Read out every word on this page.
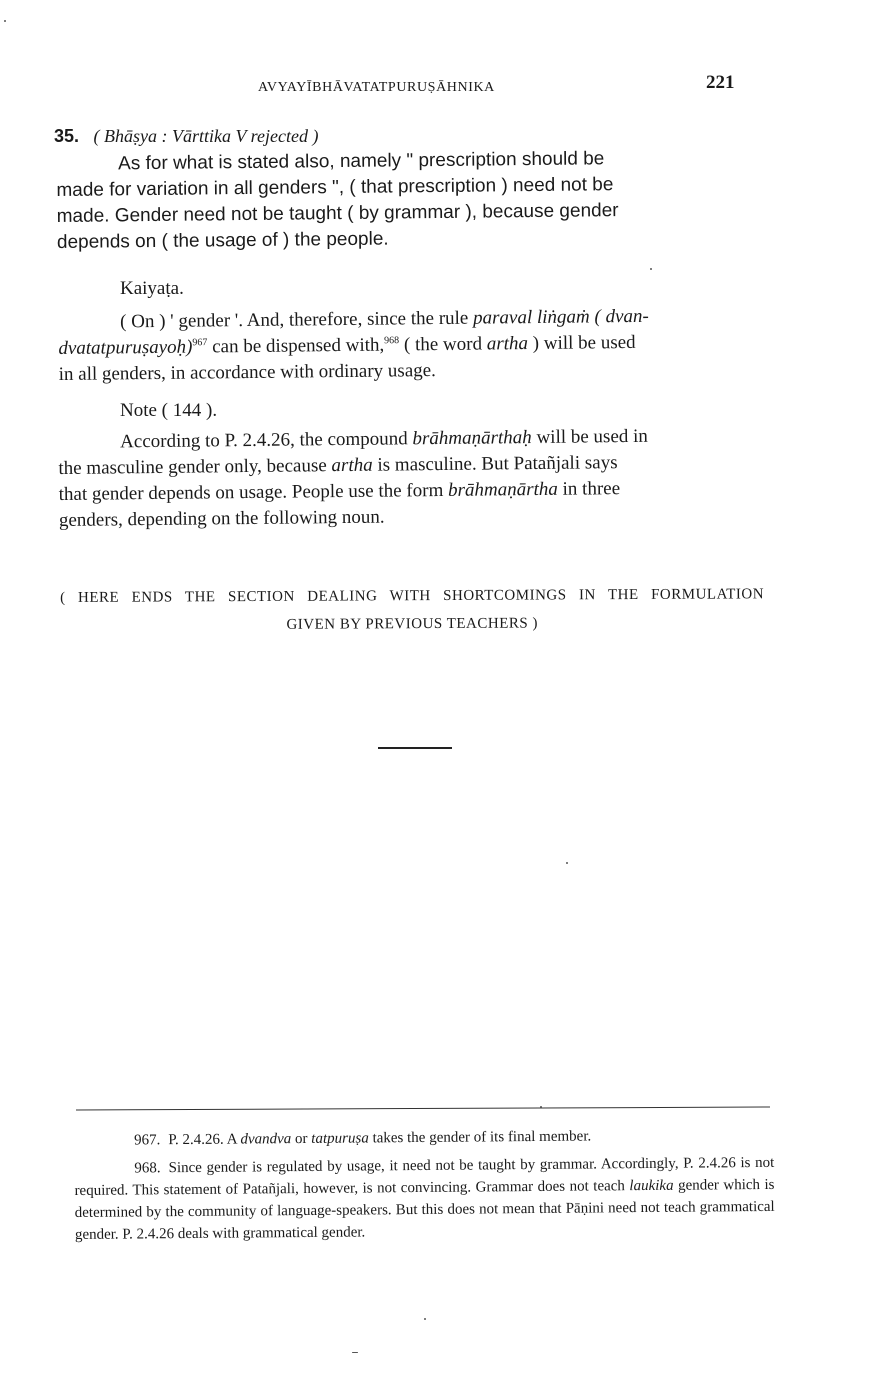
AVYAYĪBHĀVATATPURUṢĀHNIKA	221
35. ( Bhāṣya : Vārttika V rejected )
As for what is stated also, namely " prescription should be
made for variation in all genders ", ( that prescription ) need not be
made. Gender need not be taught ( by grammar ), because gender
depends on ( the usage of ) the people.
Kaiyaṭa.
( On ) ' gender '. And, therefore, since the rule paraval liṅgaṁ ( dvan-
dvatatpuruṣayoḥ)$^{967}$ can be dispensed with,$^{968}$ ( the word artha ) will be used
in all genders, in accordance with ordinary usage.
Note ( 144 ).
According to P. 2.4.26, the compound brāhmaṇārthaḥ will be used in
the masculine gender only, because artha is masculine. But Patañjali says
that gender depends on usage. People use the form brāhmaṇārtha in three
genders, depending on the following noun.
( HERE ENDS THE SECTION DEALING WITH SHORTCOMINGS IN THE FORMULATION
GIVEN BY PREVIOUS TEACHERS )

967. P. 2.4.26. A dvandva or tatpuruṣa takes the gender of its final member.

968. Since gender is regulated by usage, it need not be taught by grammar. Accordingly, P. 2.4.26 is not required. This statement of Patañjali, however, is not convincing. Grammar does not teach laukika gender which is determined by the community of language-speakers. But this does not mean that Pāṇini need not teach grammatical gender. P. 2.4.26 deals with grammatical gender.
